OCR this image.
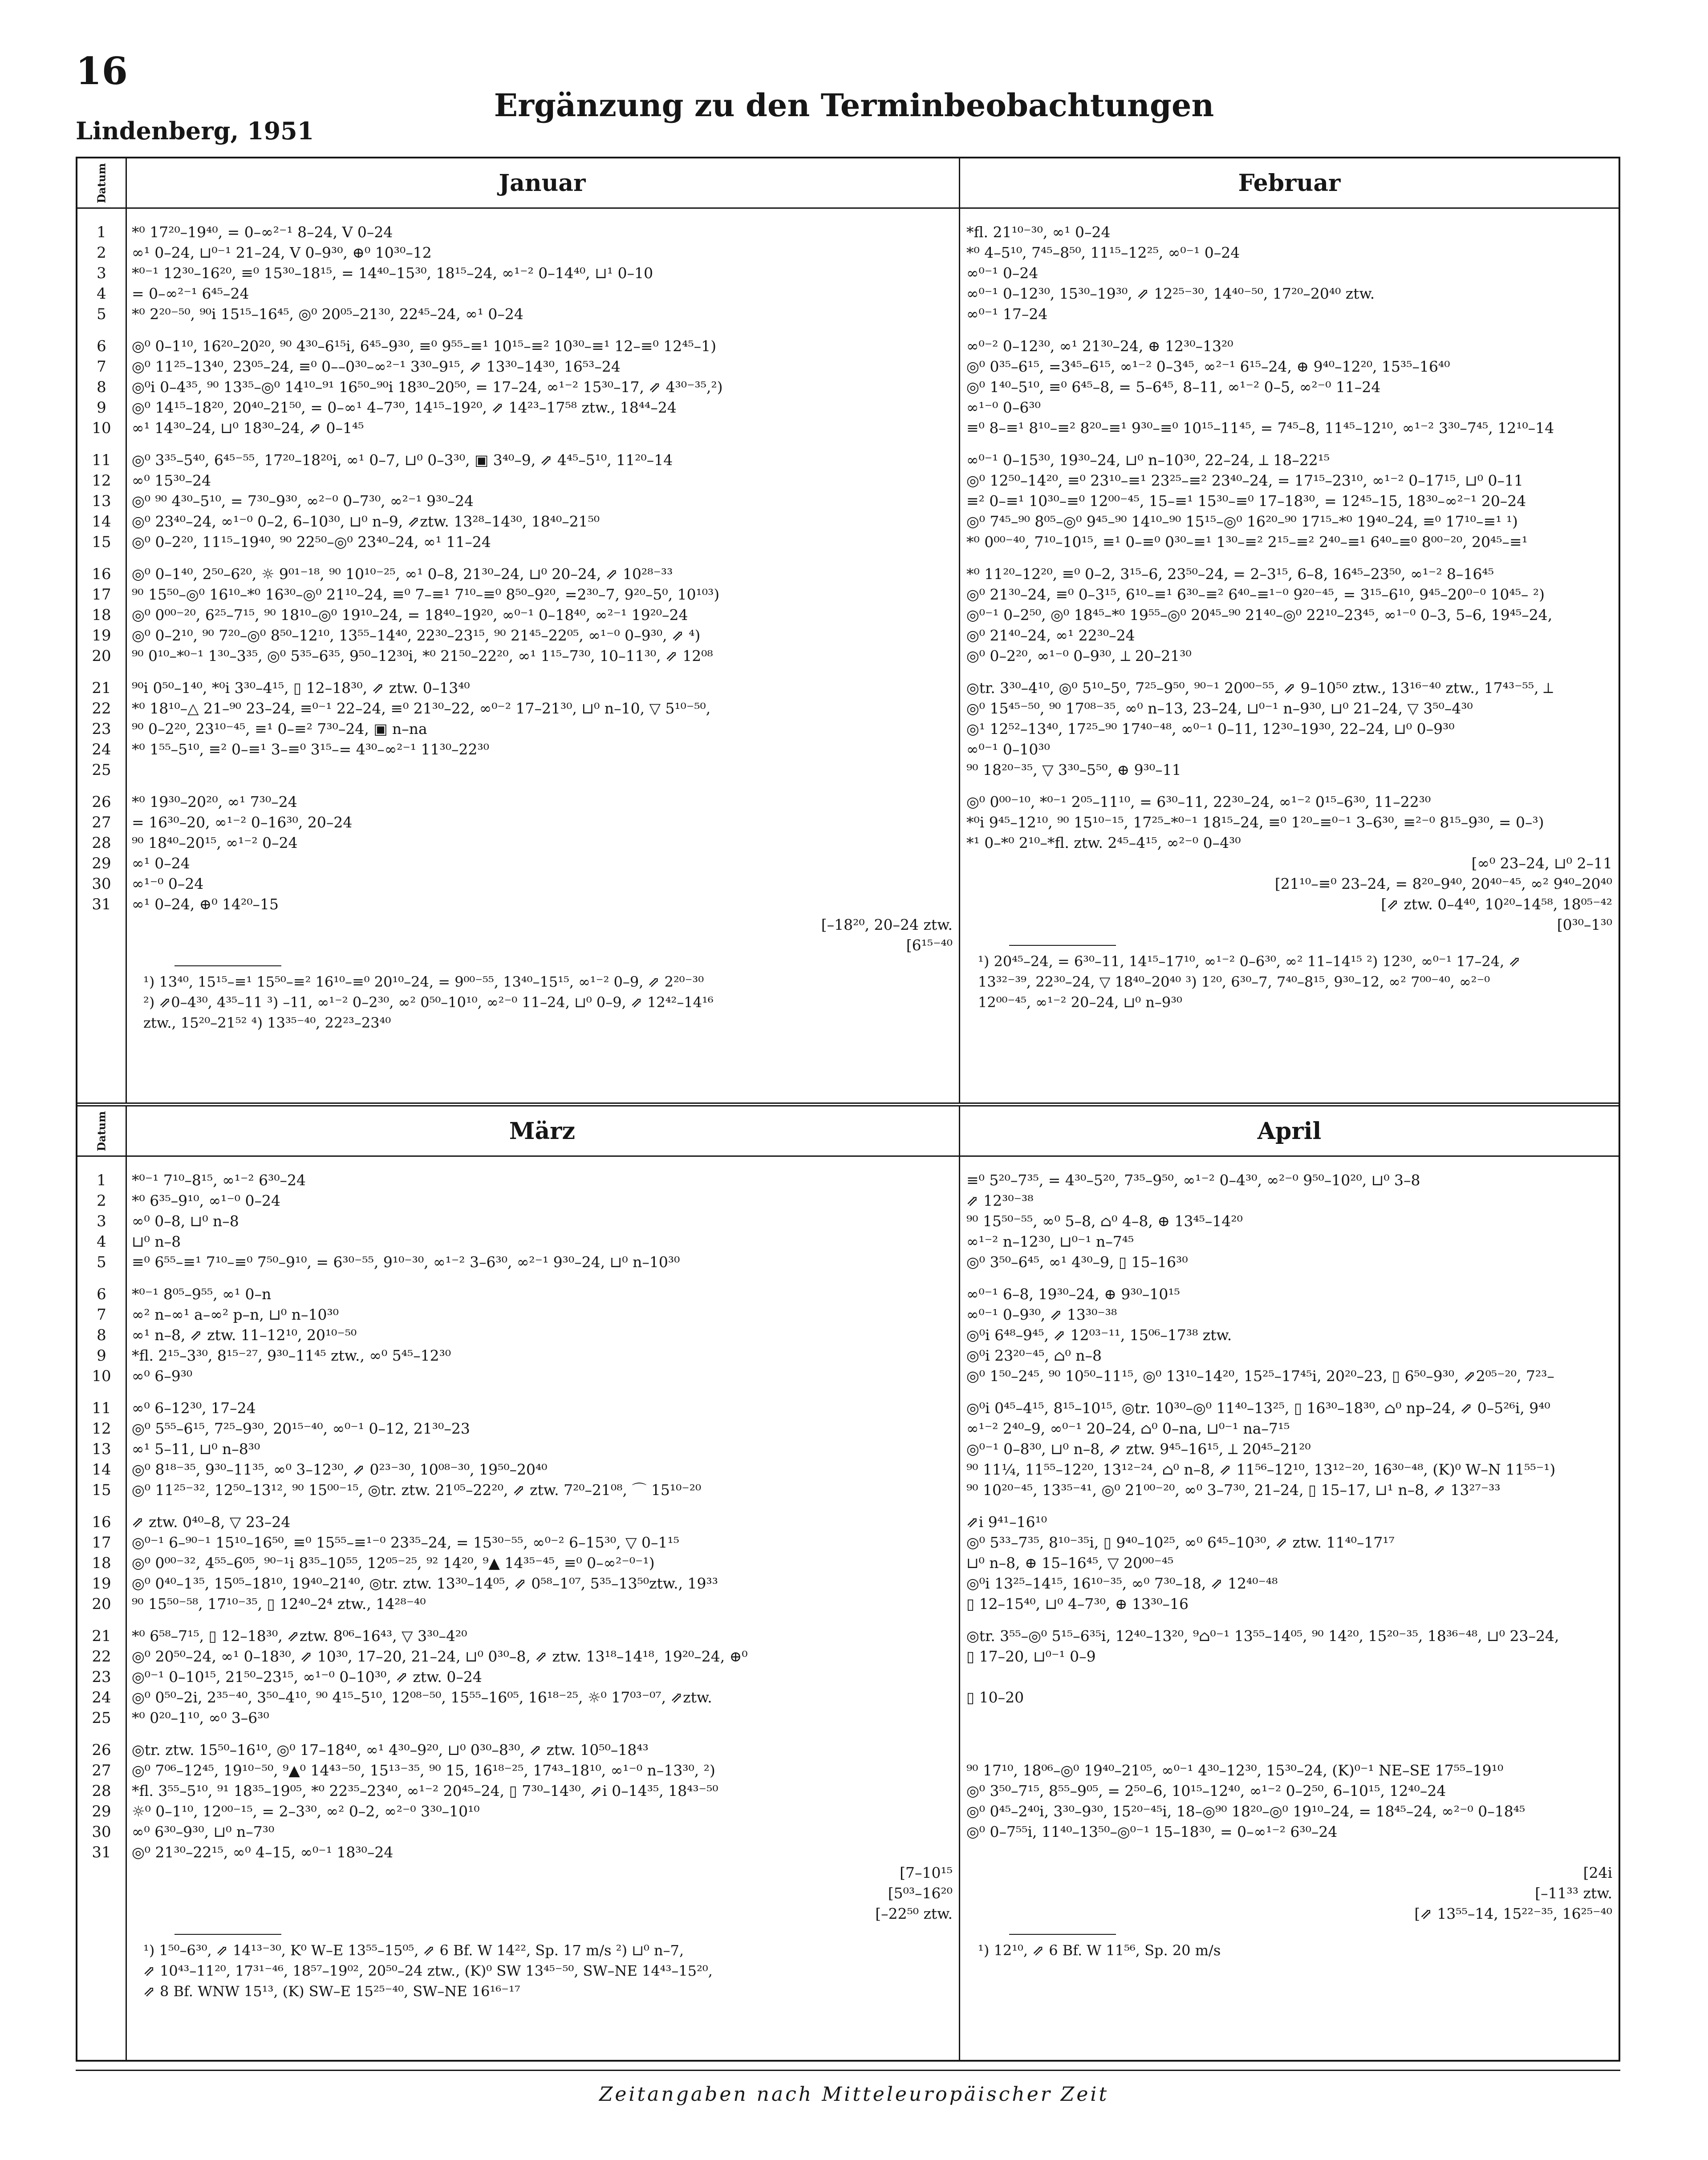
16
Lindenberg, 1951
Ergänzung zu den Terminbeobachtungen
Datum
1
2
3
4
5
6
7
8
9
10
11
12
13
14
15
16
17
18
19
20
21
22
23
24
25
26
27
28
29
30
31
Januar
*⁰ 17²⁰–19⁴⁰, = 0–∞²⁻¹ 8–24, V 0–24
∞¹ 0–24, ⊔⁰⁻¹ 21–24, V 0–9³⁰, ⊕⁰ 10³⁰–12
*⁰⁻¹ 12³⁰–16²⁰, ≡⁰ 15³⁰–18¹⁵, = 14⁴⁰–15³⁰, 18¹⁵–24, ∞¹⁻² 0–14⁴⁰, ⊔¹ 0–10
= 0–∞²⁻¹ 6⁴⁵–24
*⁰ 2²⁰⁻⁵⁰, ⁹⁰i 15¹⁵–16⁴⁵, ◎⁰ 20⁰⁵–21³⁰, 22⁴⁵–24, ∞¹ 0–24
◎⁰ 0–1¹⁰, 16²⁰–20²⁰, ⁹⁰ 4³⁰–6¹⁵i, 6⁴⁵–9³⁰, ≡⁰ 9⁵⁵–≡¹ 10¹⁵–≡² 10³⁰–≡¹ 12–≡⁰ 12⁴⁵–1)
◎⁰ 11²⁵–13⁴⁰, 23⁰⁵–24, ≡⁰ 0––0³⁰–∞²⁻¹ 3³⁰–9¹⁵, ⇗ 13³⁰–14³⁰, 16⁵³–24
◎⁰i 0–4³⁵, ⁹⁰ 13³⁵–◎⁰ 14¹⁰–⁹¹ 16⁵⁰–⁹⁰i 18³⁰–20⁵⁰, = 17–24, ∞¹⁻² 15³⁰–17, ⇗ 4³⁰⁻³⁵,²)
◎⁰ 14¹⁵–18²⁰, 20⁴⁰–21⁵⁰, = 0–∞¹ 4–7³⁰, 14¹⁵–19²⁰, ⇗ 14²³–17⁵⁸ ztw., 18⁴⁴–24
∞¹ 14³⁰–24, ⊔⁰ 18³⁰–24, ⇗ 0–1⁴⁵
◎⁰ 3³⁵–5⁴⁰, 6⁴⁵⁻⁵⁵, 17²⁰–18²⁰i, ∞¹ 0–7, ⊔⁰ 0–3³⁰, ▣ 3⁴⁰–9, ⇗ 4⁴⁵–5¹⁰, 11²⁰–14
∞⁰ 15³⁰–24
◎⁰ ⁹⁰ 4³⁰–5¹⁰, = 7³⁰–9³⁰, ∞²⁻⁰ 0–7³⁰, ∞²⁻¹ 9³⁰–24
◎⁰ 23⁴⁰–24, ∞¹⁻⁰ 0–2, 6–10³⁰, ⊔⁰ n–9, ⇗ztw. 13²⁸–14³⁰, 18⁴⁰–21⁵⁰
◎⁰ 0–2²⁰, 11¹⁵–19⁴⁰, ⁹⁰ 22⁵⁰–◎⁰ 23⁴⁰–24, ∞¹ 11–24
◎⁰ 0–1⁴⁰, 2⁵⁰–6²⁰, ☼ 9⁰¹⁻¹⁸, ⁹⁰ 10¹⁰⁻²⁵, ∞¹ 0–8, 21³⁰–24, ⊔⁰ 20–24, ⇗ 10²⁸⁻³³
⁹⁰ 15⁵⁰–◎⁰ 16¹⁰–*⁰ 16³⁰–◎⁰ 21¹⁰–24, ≡⁰ 7–≡¹ 7¹⁰–≡⁰ 8⁵⁰–9²⁰, =2³⁰–7, 9²⁰–5⁰, 10¹⁰³)
◎⁰ 0⁰⁰⁻²⁰, 6²⁵–7¹⁵, ⁹⁰ 18¹⁰–◎⁰ 19¹⁰–24, = 18⁴⁰–19²⁰, ∞⁰⁻¹ 0–18⁴⁰, ∞²⁻¹ 19²⁰–24
◎⁰ 0–2¹⁰, ⁹⁰ 7²⁰–◎⁰ 8⁵⁰–12¹⁰, 13⁵⁵–14⁴⁰, 22³⁰–23¹⁵, ⁹⁰ 21⁴⁵–22⁰⁵, ∞¹⁻⁰ 0–9³⁰, ⇗ ⁴)
⁹⁰ 0¹⁰–*⁰⁻¹ 1³⁰–3³⁵, ◎⁰ 5³⁵–6³⁵, 9⁵⁰–12³⁰i, *⁰ 21⁵⁰–22²⁰, ∞¹ 1¹⁵–7³⁰, 10–11³⁰, ⇗ 12⁰⁸
⁹⁰i 0⁵⁰–1⁴⁰, *⁰i 3³⁰–4¹⁵, ▯ 12–18³⁰, ⇗ ztw. 0–13⁴⁰
*⁰ 18¹⁰–△ 21–⁹⁰ 23–24, ≡⁰⁻¹ 22–24, ≡⁰ 21³⁰–22, ∞⁰⁻² 17–21³⁰, ⊔⁰ n–10, ▽ 5¹⁰⁻⁵⁰,
⁹⁰ 0–2²⁰, 23¹⁰⁻⁴⁵, ≡¹ 0–≡² 7³⁰–24, ▣ n–na
*⁰ 1⁵⁵–5¹⁰, ≡² 0–≡¹ 3–≡⁰ 3¹⁵–= 4³⁰–∞²⁻¹ 11³⁰–22³⁰
*⁰ 19³⁰–20²⁰, ∞¹ 7³⁰–24
= 16³⁰–20, ∞¹⁻² 0–16³⁰, 20–24
⁹⁰ 18⁴⁰–20¹⁵, ∞¹⁻² 0–24
∞¹ 0–24
∞¹⁻⁰ 0–24
∞¹ 0–24, ⊕⁰ 14²⁰–15
[–18²⁰, 20–24 ztw.
[6¹⁵⁻⁴⁰
¹) 13⁴⁰, 15¹⁵–≡¹ 15⁵⁰–≡² 16¹⁰–≡⁰ 20¹⁰–24, = 9⁰⁰⁻⁵⁵, 13⁴⁰–15¹⁵, ∞¹⁻² 0–9, ⇗ 2²⁰⁻³⁰
²) ⇗0–4³⁰, 4³⁵–11 ³) –11, ∞¹⁻² 0–2³⁰, ∞² 0⁵⁰–10¹⁰, ∞²⁻⁰ 11–24, ⊔⁰ 0–9, ⇗ 12⁴²–14¹⁶
ztw., 15²⁰–21⁵² ⁴) 13³⁵⁻⁴⁰, 22²³–23⁴⁰
Februar
*fl. 21¹⁰⁻³⁰, ∞¹ 0–24
*⁰ 4–5¹⁰, 7⁴⁵–8⁵⁰, 11¹⁵–12²⁵, ∞⁰⁻¹ 0–24
∞⁰⁻¹ 0–24
∞⁰⁻¹ 0–12³⁰, 15³⁰–19³⁰, ⇗ 12²⁵⁻³⁰, 14⁴⁰⁻⁵⁰, 17²⁰–20⁴⁰ ztw.
∞⁰⁻¹ 17–24
∞⁰⁻² 0–12³⁰, ∞¹ 21³⁰–24, ⊕ 12³⁰–13²⁰
◎⁰ 0³⁵–6¹⁵, =3⁴⁵–6¹⁵, ∞¹⁻² 0–3⁴⁵, ∞²⁻¹ 6¹⁵–24, ⊕ 9⁴⁰–12²⁰, 15³⁵–16⁴⁰
◎⁰ 1⁴⁰–5¹⁰, ≡⁰ 6⁴⁵–8, = 5–6⁴⁵, 8–11, ∞¹⁻² 0–5, ∞²⁻⁰ 11–24
∞¹⁻⁰ 0–6³⁰
≡⁰ 8–≡¹ 8¹⁰–≡² 8²⁰–≡¹ 9³⁰–≡⁰ 10¹⁵–11⁴⁵, = 7⁴⁵–8, 11⁴⁵–12¹⁰, ∞¹⁻² 3³⁰–7⁴⁵, 12¹⁰–14
∞⁰⁻¹ 0–15³⁰, 19³⁰–24, ⊔⁰ n–10³⁰, 22–24, ⟂ 18–22¹⁵
◎⁰ 12⁵⁰–14²⁰, ≡⁰ 23¹⁰–≡¹ 23²⁵–≡² 23⁴⁰–24, = 17¹⁵–23¹⁰, ∞¹⁻² 0–17¹⁵, ⊔⁰ 0–11
≡² 0–≡¹ 10³⁰–≡⁰ 12⁰⁰⁻⁴⁵, 15–≡¹ 15³⁰–≡⁰ 17–18³⁰, = 12⁴⁵–15, 18³⁰–∞²⁻¹ 20–24
◎⁰ 7⁴⁵–⁹⁰ 8⁰⁵–◎⁰ 9⁴⁵–⁹⁰ 14¹⁰–⁹⁰ 15¹⁵–◎⁰ 16²⁰–⁹⁰ 17¹⁵–*⁰ 19⁴⁰–24, ≡⁰ 17¹⁰–≡¹ ¹)
*⁰ 0⁰⁰⁻⁴⁰, 7¹⁰–10¹⁵, ≡¹ 0–≡⁰ 0³⁰–≡¹ 1³⁰–≡² 2¹⁵–≡² 2⁴⁰–≡¹ 6⁴⁰–≡⁰ 8⁰⁰⁻²⁰, 20⁴⁵–≡¹
*⁰ 11²⁰–12²⁰, ≡⁰ 0–2, 3¹⁵–6, 23⁵⁰–24, = 2–3¹⁵, 6–8, 16⁴⁵–23⁵⁰, ∞¹⁻² 8–16⁴⁵
◎⁰ 21³⁰–24, ≡⁰ 0–3¹⁵, 6¹⁰–≡¹ 6³⁰–≡² 6⁴⁰–≡¹⁻⁰ 9²⁰⁻⁴⁵, = 3¹⁵–6¹⁰, 9⁴⁵–20⁰⁻⁰ 10⁴⁵– ²)
◎⁰⁻¹ 0–2⁵⁰, ◎⁰ 18⁴⁵–*⁰ 19⁵⁵–◎⁰ 20⁴⁵–⁹⁰ 21⁴⁰–◎⁰ 22¹⁰–23⁴⁵, ∞¹⁻⁰ 0–3, 5–6, 19⁴⁵–24,
◎⁰ 21⁴⁰–24, ∞¹ 22³⁰–24
◎⁰ 0–2²⁰, ∞¹⁻⁰ 0–9³⁰, ⟂ 20–21³⁰
◎tr. 3³⁰–4¹⁰, ◎⁰ 5¹⁰–5⁰, 7²⁵–9⁵⁰, ⁹⁰⁻¹ 20⁰⁰⁻⁵⁵, ⇗ 9–10⁵⁰ ztw., 13¹⁶⁻⁴⁰ ztw., 17⁴³⁻⁵⁵, ⟂
◎⁰ 15⁴⁵⁻⁵⁰, ⁹⁰ 17⁰⁸⁻³⁵, ∞⁰ n–13, 23–24, ⊔⁰⁻¹ n–9³⁰, ⊔⁰ 21–24, ▽ 3⁵⁰–4³⁰
◎¹ 12⁵²–13⁴⁰, 17²⁵–⁹⁰ 17⁴⁰⁻⁴⁸, ∞⁰⁻¹ 0–11, 12³⁰–19³⁰, 22–24, ⊔⁰ 0–9³⁰
∞⁰⁻¹ 0–10³⁰
⁹⁰ 18²⁰⁻³⁵, ▽ 3³⁰–5⁵⁰, ⊕ 9³⁰–11
◎⁰ 0⁰⁰⁻¹⁰, *⁰⁻¹ 2⁰⁵–11¹⁰, = 6³⁰–11, 22³⁰–24, ∞¹⁻² 0¹⁵–6³⁰, 11–22³⁰
*⁰i 9⁴⁵–12¹⁰, ⁹⁰ 15¹⁰⁻¹⁵, 17²⁵–*⁰⁻¹ 18¹⁵–24, ≡⁰ 1²⁰–≡⁰⁻¹ 3–6³⁰, ≡²⁻⁰ 8¹⁵–9³⁰, = 0–³)
*¹ 0–*⁰ 2¹⁰–*fl. ztw. 2⁴⁵–4¹⁵, ∞²⁻⁰ 0–4³⁰
[∞⁰ 23–24, ⊔⁰ 2–11
[21¹⁰–≡⁰ 23–24, = 8²⁰–9⁴⁰, 20⁴⁰⁻⁴⁵, ∞² 9⁴⁰–20⁴⁰
[⇗ ztw. 0–4⁴⁰, 10²⁰–14⁵⁸, 18⁰⁵⁻⁴²
[0³⁰–1³⁰
¹) 20⁴⁵–24, = 6³⁰–11, 14¹⁵–17¹⁰, ∞¹⁻² 0–6³⁰, ∞² 11–14¹⁵ ²) 12³⁰, ∞⁰⁻¹ 17–24, ⇗
13³²⁻³⁹, 22³⁰–24, ▽ 18⁴⁰–20⁴⁰ ³) 1²⁰, 6³⁰–7, 7⁴⁰–8¹⁵, 9³⁰–12, ∞² 7⁰⁰⁻⁴⁰, ∞²⁻⁰
12⁰⁰⁻⁴⁵, ∞¹⁻² 20–24, ⊔⁰ n–9³⁰
Datum
1
2
3
4
5
6
7
8
9
10
11
12
13
14
15
16
17
18
19
20
21
22
23
24
25
26
27
28
29
30
31
März
*⁰⁻¹ 7¹⁰–8¹⁵, ∞¹⁻² 6³⁰–24
*⁰ 6³⁵–9¹⁰, ∞¹⁻⁰ 0–24
∞⁰ 0–8, ⊔⁰ n–8
⊔⁰ n–8
≡⁰ 6⁵⁵–≡¹ 7¹⁰–≡⁰ 7⁵⁰–9¹⁰, = 6³⁰⁻⁵⁵, 9¹⁰⁻³⁰, ∞¹⁻² 3–6³⁰, ∞²⁻¹ 9³⁰–24, ⊔⁰ n–10³⁰
*⁰⁻¹ 8⁰⁵–9⁵⁵, ∞¹ 0–n
∞² n–∞¹ a–∞² p–n, ⊔⁰ n–10³⁰
∞¹ n–8, ⇗ ztw. 11–12¹⁰, 20¹⁰⁻⁵⁰
*fl. 2¹⁵–3³⁰, 8¹⁵⁻²⁷, 9³⁰–11⁴⁵ ztw., ∞⁰ 5⁴⁵–12³⁰
∞⁰ 6–9³⁰
∞⁰ 6–12³⁰, 17–24
◎⁰ 5⁵⁵–6¹⁵, 7²⁵–9³⁰, 20¹⁵⁻⁴⁰, ∞⁰⁻¹ 0–12, 21³⁰–23
∞¹ 5–11, ⊔⁰ n–8³⁰
◎⁰ 8¹⁸⁻³⁵, 9³⁰–11³⁵, ∞⁰ 3–12³⁰, ⇗ 0²³⁻³⁰, 10⁰⁸⁻³⁰, 19⁵⁰–20⁴⁰
◎⁰ 11²⁵⁻³², 12⁵⁰–13¹², ⁹⁰ 15⁰⁰⁻¹⁵, ◎tr. ztw. 21⁰⁵–22²⁰, ⇗ ztw. 7²⁰–21⁰⁸, ⌒ 15¹⁰⁻²⁰
⇗ ztw. 0⁴⁰–8, ▽ 23–24
◎⁰⁻¹ 6–⁹⁰⁻¹ 15¹⁰–16⁵⁰, ≡⁰ 15⁵⁵–≡¹⁻⁰ 23³⁵–24, = 15³⁰⁻⁵⁵, ∞⁰⁻² 6–15³⁰, ▽ 0–1¹⁵
◎⁰ 0⁰⁰⁻³², 4⁵⁵–6⁰⁵, ⁹⁰⁻¹i 8³⁵–10⁵⁵, 12⁰⁵⁻²⁵, ⁹² 14²⁰, ⁹▲ 14³⁵⁻⁴⁵, ≡⁰ 0–∞²⁻⁰⁻¹)
◎⁰ 0⁴⁰–1³⁵, 15⁰⁵–18¹⁰, 19⁴⁰–21⁴⁰, ◎tr. ztw. 13³⁰–14⁰⁵, ⇗ 0⁵⁸–1⁰⁷, 5³⁵–13⁵⁰ztw., 19³³
⁹⁰ 15⁵⁰⁻⁵⁸, 17¹⁰⁻³⁵, ▯ 12⁴⁰–2⁴ ztw., 14²⁸⁻⁴⁰
*⁰ 6⁵⁸–7¹⁵, ▯ 12–18³⁰, ⇗ztw. 8⁰⁶–16⁴³, ▽ 3³⁰–4²⁰
◎⁰ 20⁵⁰–24, ∞¹ 0–18³⁰, ⇗ 10³⁰, 17–20, 21–24, ⊔⁰ 0³⁰–8, ⇗ ztw. 13¹⁸–14¹⁸, 19²⁰–24, ⊕⁰
◎⁰⁻¹ 0–10¹⁵, 21⁵⁰–23¹⁵, ∞¹⁻⁰ 0–10³⁰, ⇗ ztw. 0–24
◎⁰ 0⁵⁰–2i, 2³⁵⁻⁴⁰, 3⁵⁰–4¹⁰, ⁹⁰ 4¹⁵–5¹⁰, 12⁰⁸⁻⁵⁰, 15⁵⁵–16⁰⁵, 16¹⁸⁻²⁵, ☼⁰ 17⁰³⁻⁰⁷, ⇗ztw.
*⁰ 0²⁰–1¹⁰, ∞⁰ 3–6³⁰
◎tr. ztw. 15⁵⁰–16¹⁰, ◎⁰ 17–18⁴⁰, ∞¹ 4³⁰–9²⁰, ⊔⁰ 0³⁰–8³⁰, ⇗ ztw. 10⁵⁰–18⁴³
◎⁰ 7⁰⁶–12⁴⁵, 19¹⁰⁻⁵⁰, ⁹▲⁰ 14⁴³⁻⁵⁰, 15¹³⁻³⁵, ⁹⁰ 15, 16¹⁸⁻²⁵, 17⁴³–18¹⁰, ∞¹⁻⁰ n–13³⁰, ²)
*fl. 3⁵⁵–5¹⁰, ⁹¹ 18³⁵–19⁰⁵, *⁰ 22³⁵–23⁴⁰, ∞¹⁻² 20⁴⁵–24, ▯ 7³⁰–14³⁰, ⇗i 0–14³⁵, 18⁴³⁻⁵⁰
☼⁰ 0–1¹⁰, 12⁰⁰⁻¹⁵, = 2–3³⁰, ∞² 0–2, ∞²⁻⁰ 3³⁰–10¹⁰
∞⁰ 6³⁰–9³⁰, ⊔⁰ n–7³⁰
◎⁰ 21³⁰–22¹⁵, ∞⁰ 4–15, ∞⁰⁻¹ 18³⁰–24
[7–10¹⁵
[5⁰³–16²⁰
[–22⁵⁰ ztw.
¹) 1⁵⁰–6³⁰, ⇗ 14¹³⁻³⁰, K⁰ W–E 13⁵⁵–15⁰⁵, ⇗ 6 Bf. W 14²², Sp. 17 m/s ²) ⊔⁰ n–7,
⇗ 10⁴³–11²⁰, 17³¹⁻⁴⁶, 18⁵⁷–19⁰², 20⁵⁰–24 ztw., (K)⁰ SW 13⁴⁵⁻⁵⁰, SW–NE 14⁴³–15²⁰,
⇗ 8 Bf. WNW 15¹³, (K) SW–E 15²⁵⁻⁴⁰, SW–NE 16¹⁶⁻¹⁷
April
≡⁰ 5²⁰–7³⁵, = 4³⁰–5²⁰, 7³⁵–9⁵⁰, ∞¹⁻² 0–4³⁰, ∞²⁻⁰ 9⁵⁰–10²⁰, ⊔⁰ 3–8
⇗ 12³⁰⁻³⁸
⁹⁰ 15⁵⁰⁻⁵⁵, ∞⁰ 5–8, ⌂⁰ 4–8, ⊕ 13⁴⁵–14²⁰
∞¹⁻² n–12³⁰, ⊔⁰⁻¹ n–7⁴⁵
◎⁰ 3⁵⁰–6⁴⁵, ∞¹ 4³⁰–9, ▯ 15–16³⁰
∞⁰⁻¹ 6–8, 19³⁰–24, ⊕ 9³⁰–10¹⁵
∞⁰⁻¹ 0–9³⁰, ⇗ 13³⁰⁻³⁸
◎⁰i 6⁴⁸–9⁴⁵, ⇗ 12⁰³⁻¹¹, 15⁰⁶–17³⁸ ztw.
◎⁰i 23²⁰⁻⁴⁵, ⌂⁰ n–8
◎⁰ 1⁵⁰–2⁴⁵, ⁹⁰ 10⁵⁰–11¹⁵, ◎⁰ 13¹⁰–14²⁰, 15²⁵–17⁴⁵i, 20²⁰–23, ▯ 6⁵⁰–9³⁰, ⇗2⁰⁵⁻²⁰, 7²³–
◎⁰i 0⁴⁵–4¹⁵, 8¹⁵–10¹⁵, ◎tr. 10³⁰–◎⁰ 11⁴⁰–13²⁵, ▯ 16³⁰–18³⁰, ⌂⁰ np–24, ⇗ 0–5²⁶i, 9⁴⁰
∞¹⁻² 2⁴⁰–9, ∞⁰⁻¹ 20–24, ⌂⁰ 0–na, ⊔⁰⁻¹ na–7¹⁵
◎⁰⁻¹ 0–8³⁰, ⊔⁰ n–8, ⇗ ztw. 9⁴⁵–16¹⁵, ⟂ 20⁴⁵–21²⁰
⁹⁰ 11¼, 11⁵⁵–12²⁰, 13¹²⁻²⁴, ⌂⁰ n–8, ⇗ 11⁵⁶–12¹⁰, 13¹²⁻²⁰, 16³⁰⁻⁴⁸, (K)⁰ W–N 11⁵⁵⁻¹)
⁹⁰ 10²⁰⁻⁴⁵, 13³⁵⁻⁴¹, ◎⁰ 21⁰⁰⁻²⁰, ∞⁰ 3–7³⁰, 21–24, ▯ 15–17, ⊔¹ n–8, ⇗ 13²⁷⁻³³
⇗i 9⁴¹–16¹⁰
◎⁰ 5³³–7³⁵, 8¹⁰⁻³⁵i, ▯ 9⁴⁰–10²⁵, ∞⁰ 6⁴⁵–10³⁰, ⇗ ztw. 11⁴⁰–17¹⁷
⊔⁰ n–8, ⊕ 15–16⁴⁵, ▽ 20⁰⁰⁻⁴⁵
◎⁰i 13²⁵–14¹⁵, 16¹⁰⁻³⁵, ∞⁰ 7³⁰–18, ⇗ 12⁴⁰⁻⁴⁸
▯ 12–15⁴⁰, ⊔⁰ 4–7³⁰, ⊕ 13³⁰–16
◎tr. 3⁵⁵–◎⁰ 5¹⁵–6³⁵i, 12⁴⁰–13²⁰, ⁹⌂⁰⁻¹ 13⁵⁵–14⁰⁵, ⁹⁰ 14²⁰, 15²⁰⁻³⁵, 18³⁶⁻⁴⁸, ⊔⁰ 23–24,
▯ 17–20, ⊔⁰⁻¹ 0–9
▯ 10–20
⁹⁰ 17¹⁰, 18⁰⁶–◎⁰ 19⁴⁰–21⁰⁵, ∞⁰⁻¹ 4³⁰–12³⁰, 15³⁰–24, (K)⁰⁻¹ NE–SE 17⁵⁵–19¹⁰
◎⁰ 3⁵⁰–7¹⁵, 8⁵⁵–9⁰⁵, = 2⁵⁰–6, 10¹⁵–12⁴⁰, ∞¹⁻² 0–2⁵⁰, 6–10¹⁵, 12⁴⁰–24
◎⁰ 0⁴⁵–2⁴⁰i, 3³⁰–9³⁰, 15²⁰⁻⁴⁵i, 18–◎⁹⁰ 18²⁰–◎⁰ 19¹⁰–24, = 18⁴⁵–24, ∞²⁻⁰ 0–18⁴⁵
◎⁰ 0–7⁵⁵i, 11⁴⁰–13⁵⁰–◎⁰⁻¹ 15–18³⁰, = 0–∞¹⁻² 6³⁰–24
[24i
[–11³³ ztw.
[⇗ 13⁵⁵–14, 15²²⁻³⁵, 16²⁵⁻⁴⁰
¹) 12¹⁰, ⇗ 6 Bf. W 11⁵⁶, Sp. 20 m/s
Zeitangaben nach Mitteleuropäischer Zeit
